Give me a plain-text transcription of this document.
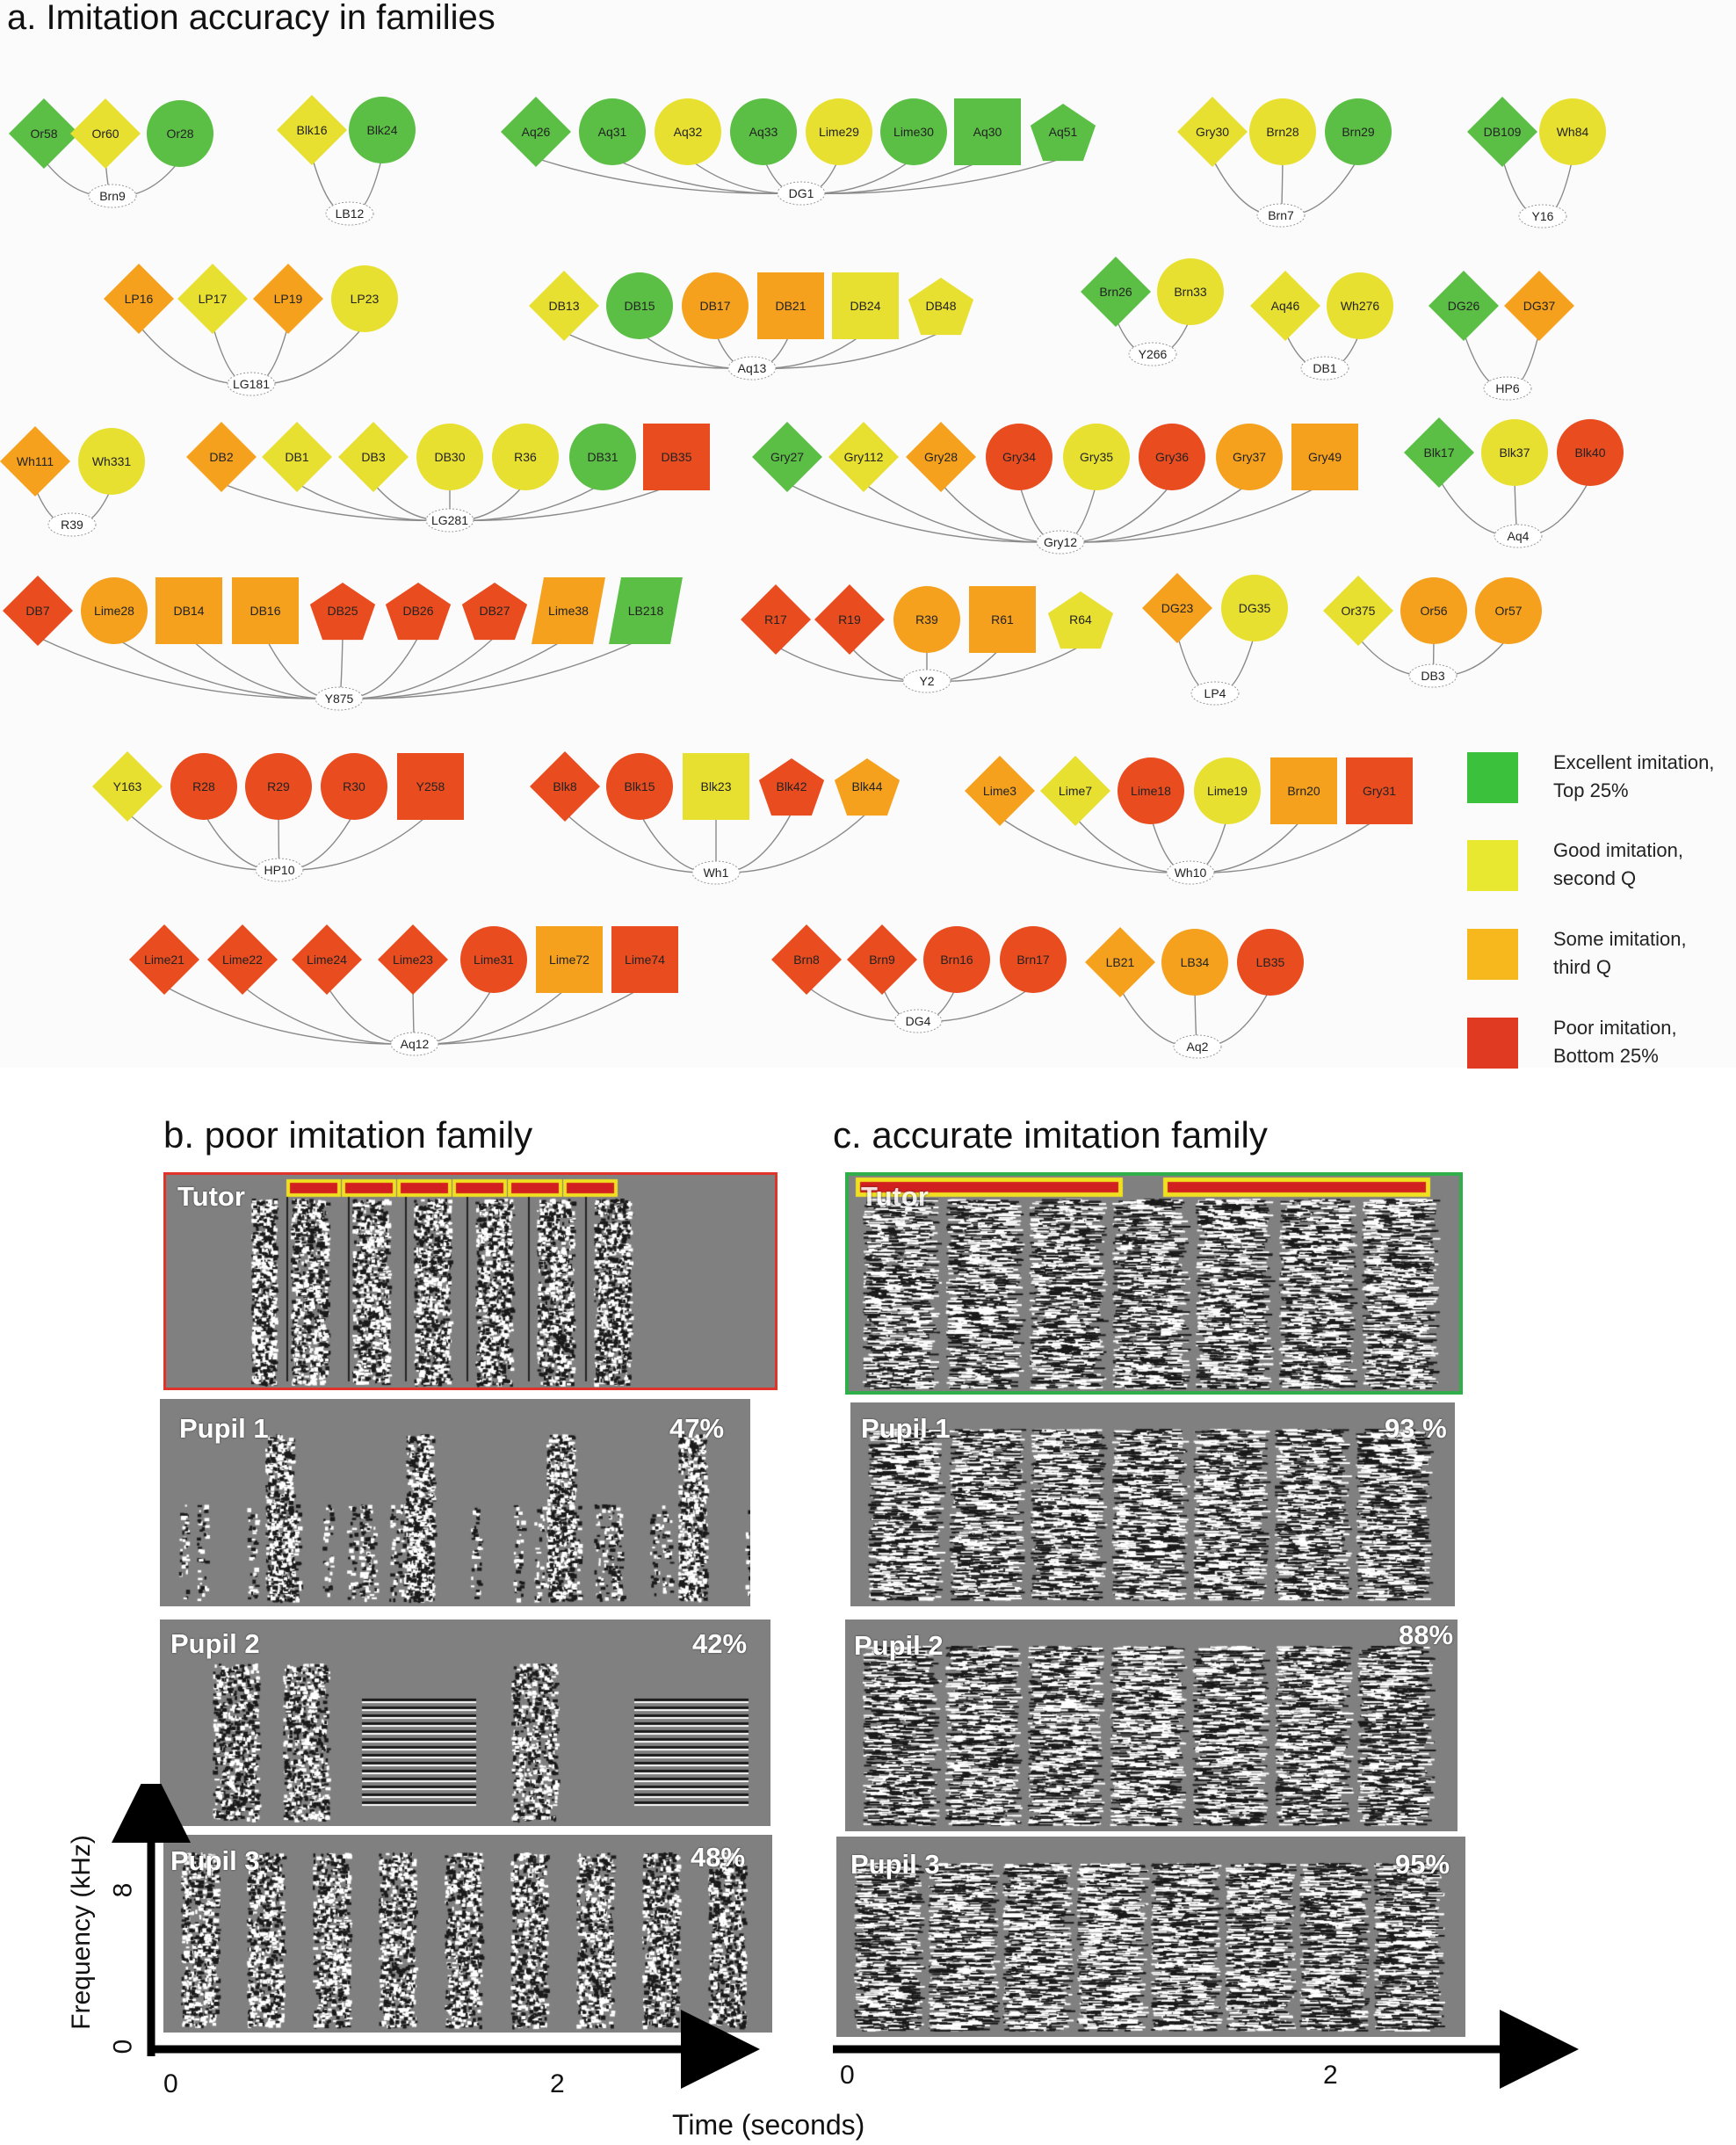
a. Imitation accuracy in families
Brn9
Or58	Or60	Or28
LB12
Blk16	Blk24
DG1
Aq26	Aq31	Aq32	Aq33	Lime29	Lime30	Aq30	Aq51
Brn7
Gry30	Brn28	Brn29
Y16
DB109	Wh84
LG181
LP16	LP17	LP19	LP23
Aq13
DB13	DB15	DB17	DB21	DB24	DB48
Y266
Brn26	Brn33
DB1
Aq46	Wh276
HP6
DG26	DG37
R39
Wh111	Wh331
LG281
DB2	DB1	DB3	DB30	R36	DB31	DB35
Gry12
Gry27	Gry112	Gry28	Gry34	Gry35	Gry36	Gry37	Gry49
Aq4
Blk17	Blk37	Blk40
Y875
DB7	Lime28	DB14	DB16	DB25	DB26	DB27	Lime38	LB218
Y2
R17	R19	R39	R61	R64
LP4
DG23	DG35
DB3
Or375	Or56	Or57
HP10
Y163	R28	R29	R30	Y258
Wh1
Blk8	Blk15	Blk23	Blk42	Blk44
Wh10
Lime3	Lime7	Lime18	Lime19	Brn20	Gry31
Aq12
Lime21	Lime22	Lime24	Lime23	Lime31	Lime72	Lime74
DG4
Brn8	Brn9	Brn16	Brn17
Aq2
LB21	LB34	LB35
Excellent imitation,
Top 25%
Good imitation,
second Q
Some imitation,
third Q
Poor imitation,
Bottom 25%
b. poor imitation family	c. accurate imitation family
Tutor
Pupil 1	47%
Pupil 2	42%
Pupil 3	48%
Tutor
Pupil 1	93 %
Pupil 2	88%
Pupil 3	95%
Frequency (kHz)
0
8
0	2	0	2
Time (seconds)
